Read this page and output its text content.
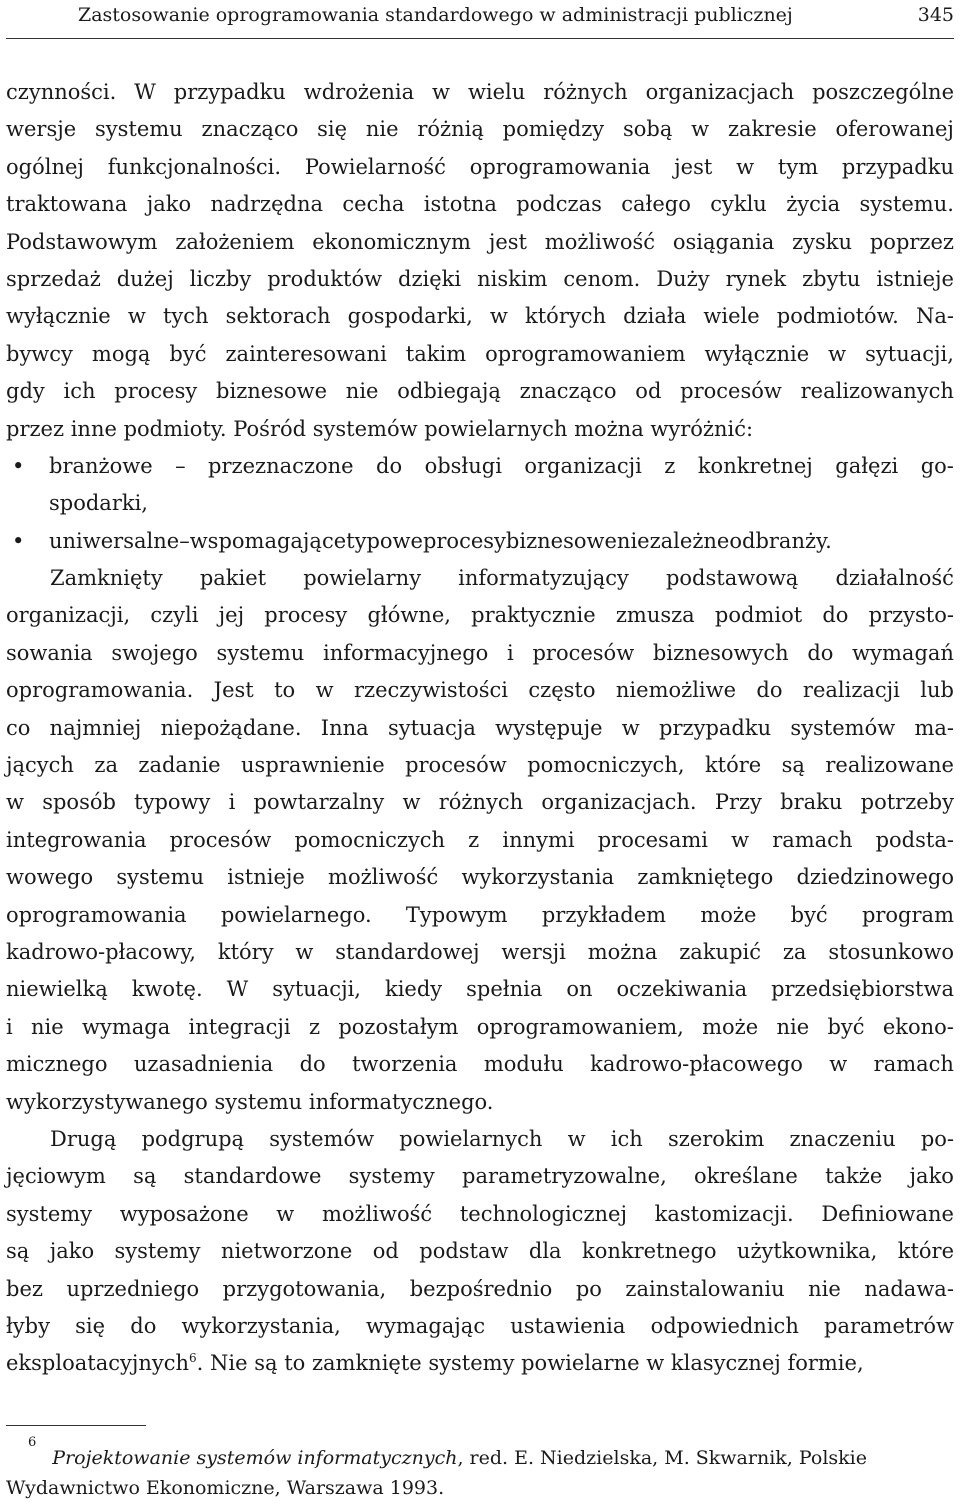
Zastosowanie oprogramowania standardowego w administracji publicznej	345
czynności. W przypadku wdrożenia w wielu różnych organizacjach poszczególne
wersje systemu znacząco się nie różnią pomiędzy sobą w zakresie oferowanej
ogólnej funkcjonalności. Powielarność oprogramowania jest w tym przypadku
traktowana jako nadrzędna cecha istotna podczas całego cyklu życia systemu.
Podstawowym założeniem ekonomicznym jest możliwość osiągania zysku poprzez
sprzedaż dużej liczby produktów dzięki niskim cenom. Duży rynek zbytu istnieje
wyłącznie w tych sektorach gospodarki, w których działa wiele podmiotów. Na-
bywcy mogą być zainteresowani takim oprogramowaniem wyłącznie w sytuacji,
gdy ich procesy biznesowe nie odbiegają znacząco od procesów realizowanych
przez inne podmioty. Pośród systemów powielarnych można wyróżnić:
• branżowe – przeznaczone do obsługi organizacji z konkretnej gałęzi go-
spodarki,
• uniwersalne – wspomagające typowe procesy biznesowe niezależne od branży.
Zamknięty pakiet powielarny informatyzujący podstawową działalność
organizacji, czyli jej procesy główne, praktycznie zmusza podmiot do przysto-
sowania swojego systemu informacyjnego i procesów biznesowych do wymagań
oprogramowania. Jest to w rzeczywistości często niemożliwe do realizacji lub
co najmniej niepożądane. Inna sytuacja występuje w przypadku systemów ma-
jących za zadanie usprawnienie procesów pomocniczych, które są realizowane
w sposób typowy i powtarzalny w różnych organizacjach. Przy braku potrzeby
integrowania procesów pomocniczych z innymi procesami w ramach podsta-
wowego systemu istnieje możliwość wykorzystania zamkniętego dziedzinowego
oprogramowania powielarnego. Typowym przykładem może być program
kadrowo-płacowy, który w standardowej wersji można zakupić za stosunkowo
niewielką kwotę. W sytuacji, kiedy spełnia on oczekiwania przedsiębiorstwa
i nie wymaga integracji z pozostałym oprogramowaniem, może nie być ekono-
micznego uzasadnienia do tworzenia modułu kadrowo-płacowego w ramach
wykorzystywanego systemu informatycznego.
Drugą podgrupą systemów powielarnych w ich szerokim znaczeniu po-
jęciowym są standardowe systemy parametryzowalne, określane także jako
systemy wyposażone w możliwość technologicznej kastomizacji. Definiowane
są jako systemy nietworzone od podstaw dla konkretnego użytkownika, które
bez uprzedniego przygotowania, bezpośrednio po zainstalowaniu nie nadawa-
łyby się do wykorzystania, wymagając ustawienia odpowiednich parametrów
eksploatacyjnych$^6$. Nie są to zamknięte systemy powielarne w klasycznej formie,
6
Projektowanie systemów informatycznych, red. E. Niedzielska, M. Skwarnik, Polskie
Wydawnictwo Ekonomiczne, Warszawa 1993.
